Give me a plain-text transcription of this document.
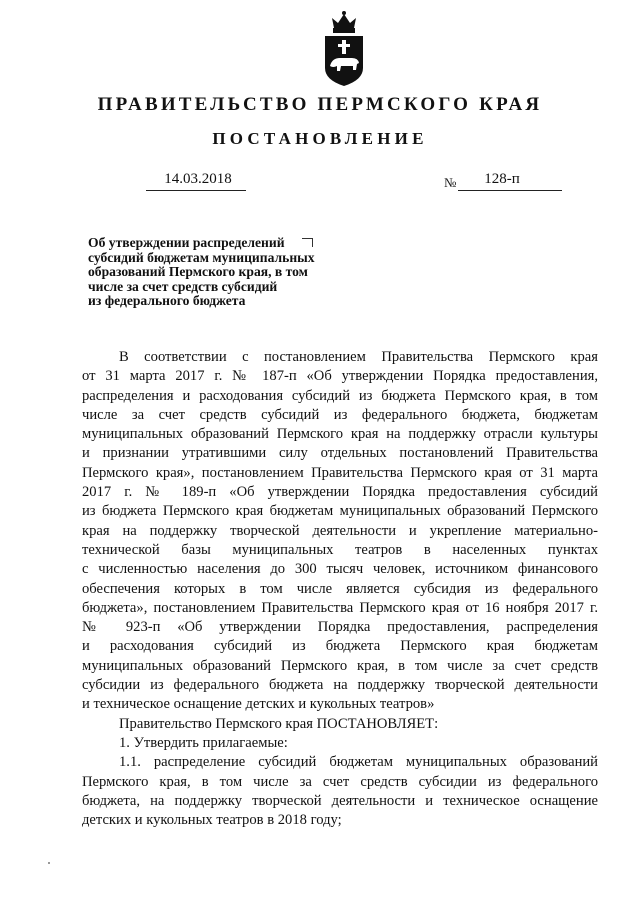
ПРАВИТЕЛЬСТВО ПЕРМСКОГО КРАЯ
ПОСТАНОВЛЕНИЕ
14.03.2018	№	128-п
Об утверждении распределений
субсидий бюджетам муниципальных
образований Пермского края, в том
числе за счет средств субсидий
из федерального бюджета
В соответствии с постановлением Правительства Пермского края
от 31 марта 2017 г. № 187-п «Об утверждении Порядка предоставления,
распределения и расходования субсидий из бюджета Пермского края, в том
числе за счет средств субсидий из федерального бюджета, бюджетам
муниципальных образований Пермского края на поддержку отрасли культуры
и признании утратившими силу отдельных постановлений Правительства
Пермского края», постановлением Правительства Пермского края от 31 марта
2017 г. № 189-п «Об утверждении Порядка предоставления субсидий
из бюджета Пермского края бюджетам муниципальных образований Пермского
края на поддержку творческой деятельности и укрепление материально-
технической базы муниципальных театров в населенных пунктах
с численностью населения до 300 тысяч человек, источником финансового
обеспечения которых в том числе является субсидия из федерального
бюджета», постановлением Правительства Пермского края от 16 ноября 2017 г.
№ 923-п «Об утверждении Порядка предоставления, распределения
и расходования субсидий из бюджета Пермского края бюджетам
муниципальных образований Пермского края, в том числе за счет средств
субсидии из федерального бюджета на поддержку творческой деятельности
и техническое оснащение детских и кукольных театров»
Правительство Пермского края ПОСТАНОВЛЯЕТ:
1. Утвердить прилагаемые:
1.1. распределение субсидий бюджетам муниципальных образований
Пермского края, в том числе за счет средств субсидии из федерального
бюджета, на поддержку творческой деятельности и техническое оснащение
детских и кукольных театров в 2018 году;
